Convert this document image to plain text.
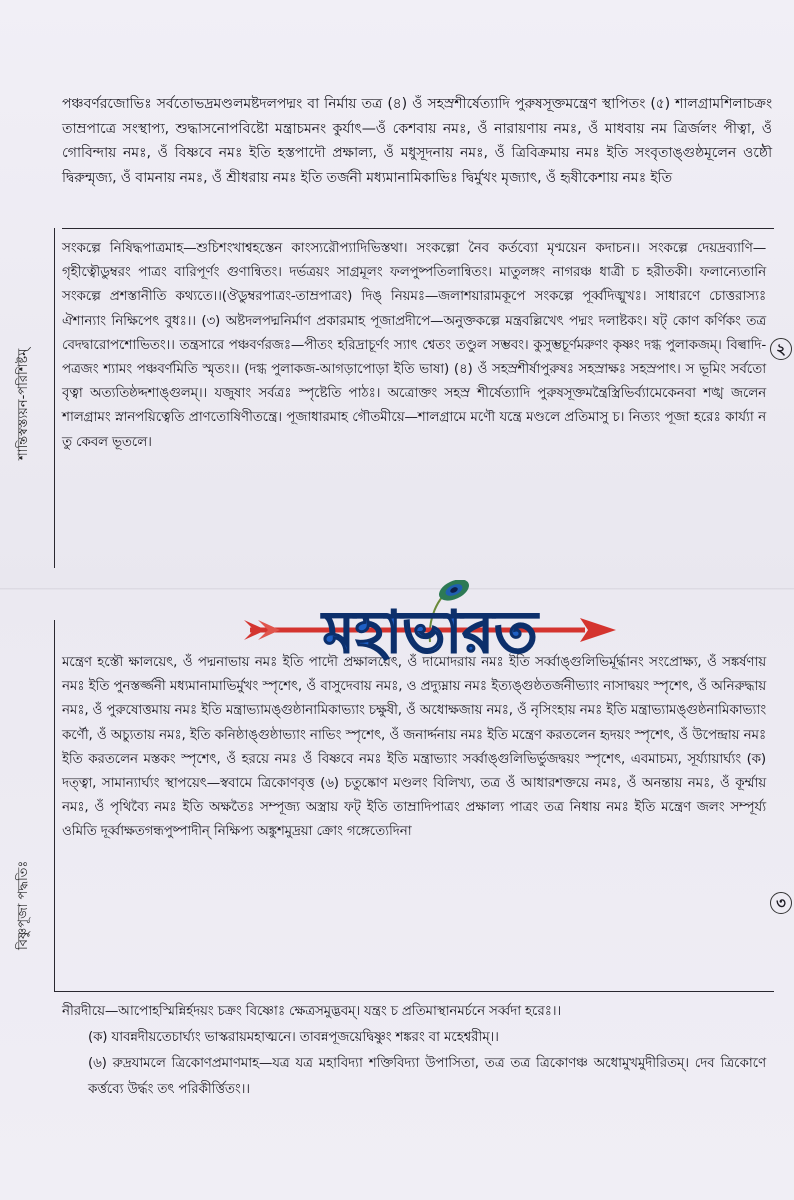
পঞ্চবর্ণরজোভিঃ সর্বতোভদ্রমণ্ডলমষ্টদলপদ্মং বা নির্মায় তত্র (৪) ওঁ সহস্রশীর্ষেত্যাদি পুরুষসূক্তমন্ত্রেণ স্থাপিতং (৫) শালগ্রামশিলাচক্রং তাম্রপাত্রে সংস্থাপ্য, শুদ্ধাসনোপবিষ্টো মন্ত্রাচমনং কুর্যাৎ—ওঁ কেশবায় নমঃ, ওঁ নারায়ণায় নমঃ, ওঁ মাধবায় নম ত্রির্জলং পীত্বা, ওঁ গোবিন্দায় নমঃ, ওঁ বিষ্ণবে নমঃ ইতি হস্তপাদৌ প্রক্ষাল্য, ওঁ মধুসূদনায় নমঃ, ওঁ ত্রিবিক্রমায় নমঃ ইতি সংবৃতাঙ্গুষ্ঠমূলেন ওষ্ঠৌ দ্বিরুন্মৃজ্য, ওঁ বামনায় নমঃ, ওঁ শ্রীধরায় নমঃ ইতি তর্জনী মধ্যমানামিকাভিঃ দ্বির্মুখং মৃজ্যাৎ, ওঁ হৃষীকেশায় নমঃ ইতি

শান্তিস্বস্ত্যয়ন-পরিশিষ্টম্	২

সংকল্পে নিষিদ্ধপাত্রমাহ—শুচিশংখাশ্বহস্তেন কাংস্যরৌপ্যাদিভিস্তথা। সংকল্পো নৈব কর্তব্যো মৃণ্ময়েন কদাচন।। সংকল্পে দেয়দ্রব্যাণি—গৃহীত্বৌডুম্বরং পাত্রং বারিপূর্ণং গুণান্বিতং। দর্ভত্রয়ং সাগ্রমূলং ফলপুষ্পতিলান্বিতং। মাতুলঙ্গং নাগরঞ্চ ধাত্রী চ হরীতকী। ফলান্যেতানি সংকল্পে প্রশস্তানীতি কথ্যতে।।(ঔডুম্বরপাত্রং-তাম্রপাত্রং) দিঙ্ নিয়মঃ—জলাশয়ারামকূপে সংকল্পে পূর্ব্বদিঙ্মুখঃ। সাধারণে চোত্তরাস্যঃ ঐশান্যাং নিক্ষিপেৎ বুধঃ।। (৩) অষ্টদলপদ্মনির্মাণ প্রকারমাহ পূজাপ্রদীপে—অনুক্তকল্পে মন্ত্রবল্লিখেৎ পদ্মং দলাষ্টকং। ষট্ কোণ কর্ণিকং তত্র বেদদ্বারোপশোভিতং।। তন্ত্রসারে পঞ্চবর্ণরজঃ—পীতং হরিদ্রাচূর্ণং স্যাৎ শ্বেতং তণ্ডুল সম্ভবং। কুসুম্ভচূর্ণমরুণং কৃষ্ণং দগ্ধ পুলাকজম্। বিল্বাদি-পত্রজং শ্যামং পঞ্চবর্ণমিতি স্মৃতং।। (দগ্ধ পুলাকজ-আগড়াপোড়া ইতি ভাষা) (৪) ওঁ সহস্রশীর্ষাপুরুষঃ সহস্রাক্ষঃ সহস্রপাৎ। স ভূমিং সর্বতো বৃত্বা অত্যতিষ্ঠদ্দশাঙ্গুলম্।। যজুষাং সর্বত্রঃ স্পৃষ্টেতি পাঠঃ। অত্রোক্তং সহস্র শীর্ষেত্যাদি পুরুষসূক্তমন্ত্রৈস্ত্রিভির্ব্যামেকেনবা শঙ্খ জলেন শালগ্রামং স্নানপয়িত্বেতি প্রাণতোষিণীতন্ত্রে। পূজাধারমাহ গৌতমীয়ে—শালগ্রামে মণৌ যন্ত্রে মণ্ডলে প্রতিমাসু চ। নিত্যং পূজা হরেঃ কার্য্যা ন তু কেবল ভূতলে।

বিষ্ণুপূজা পদ্ধতিঃ	৩

মন্ত্রেণ হস্তৌ ক্ষালয়েৎ, ওঁ পদ্মনাভায় নমঃ ইতি পাদৌ প্রক্ষালয়েৎ, ওঁ দামোদরায় নমঃ ইতি সর্ব্বাঙ্গুলিভির্মূর্দ্ধানং সংপ্রোক্ষ্য, ওঁ সঙ্কর্ষণায় নমঃ ইতি পুনস্তর্জ্জনী মধ্যমানামাভির্মুখং স্পৃশেৎ, ওঁ বাসুদেবায় নমঃ, ও প্রদ্যুম্নায় নমঃ ইত্যঙ্গুষ্ঠতর্জনীভ্যাং নাসাদ্বয়ং স্পৃশেৎ, ওঁ অনিরুদ্ধায় নমঃ, ওঁ পুরুষোত্তমায় নমঃ ইতি মন্ত্রাভ্যামঙ্গুষ্ঠানামিকাভ্যাং চক্ষুষী, ওঁ অধোক্ষজায় নমঃ, ওঁ নৃসিংহায় নমঃ ইতি মন্ত্রাভ্যামঙ্গুষ্ঠনামিকাভ্যাং কর্ণৌ, ওঁ অচ্যুতায় নমঃ, ইতি কনিষ্ঠাঙ্গুষ্ঠাভ্যাং নাভিং স্পৃশেৎ, ওঁ জনার্দ্দনায় নমঃ ইতি মন্ত্রেণ করতলেন হৃদয়ং স্পৃশেৎ, ওঁ উপেন্দ্রায় নমঃ ইতি করতলেন মস্তকং স্পৃশেৎ, ওঁ হরয়ে নমঃ ওঁ বিষ্ণবে নমঃ ইতি মন্ত্রাভ্যাং সর্ব্বাঙ্গুলিভির্ভুজদ্বয়ং স্পৃশেৎ, এবমাচম্য, সূর্য্যায়ার্ঘ্যং (ক) দত্ত্বা, সামান্যার্ঘ্যং স্থাপয়েৎ—স্ববামে ত্রিকোণবৃত্ত (৬) চতুষ্কোণ মণ্ডলং বিলিখ্য, তত্র ওঁ আধারশক্তয়ে নমঃ, ওঁ অনন্তায় নমঃ, ওঁ কূর্ম্মায় নমঃ, ওঁ পৃথিব্যৈ নমঃ ইতি অক্ষতৈঃ সম্পূজ্য অস্ত্রায় ফট্ ইতি তাম্রাদিপাত্রং প্রক্ষাল্য পাত্রং তত্র নিধায় নমঃ ইতি মন্ত্রেণ জলং সম্পূর্য্য ওমিতি দূর্ব্বাক্ষতগন্ধপুষ্পাদীন্ নিক্ষিপ্য অঙ্কুশমুদ্রয়া ক্রোং গঙ্গেত্যেদিনা

নীরদীয়ে—আপোহস্মিন্নির্হদয়ং চক্রং বিষ্ণোঃ ক্ষেত্রসমুদ্ভবম্। যন্ত্রং চ প্রতিমাস্থানমর্চনে সর্ব্বদা হরেঃ।।

(ক) যাবন্নদীয়তেচার্ঘ্যং ভাস্করায়মহাত্মনে। তাবন্নপূজয়েদ্বিষ্ণুং শঙ্করং বা মহেশ্বরীম্।।

(৬) রুদ্রযামলে ত্রিকোণপ্রমাণমাহ—যত্র যত্র মহাবিদ্যা শক্তিবিদ্যা উপাসিতা, তত্র তত্র ত্রিকোণঞ্চ অধোমুখমুদীরিতম্। দেব ত্রিকোণে কর্ত্তব্যে উর্দ্ধং তৎ পরিকীর্ত্তিতং।।

মহাভারত
